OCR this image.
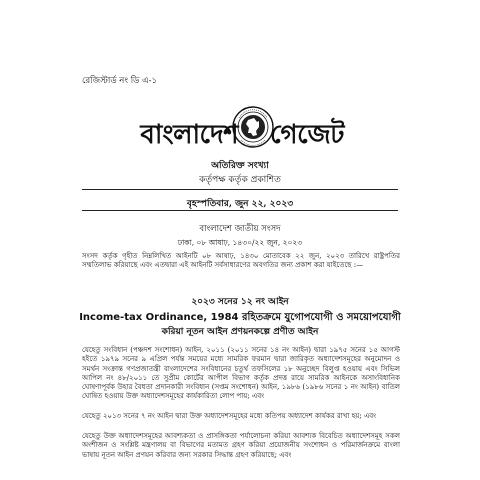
রেজিস্টার্ড নং ডি এ-১
বাংলাদেশ গেজেট
অতিরিক্ত সংখ্যা
কর্তৃপক্ষ কর্তৃক প্রকাশিত
বৃহস্পতিবার, জুন ২২, ২০২৩
বাংলাদেশ জাতীয় সংসদ
ঢাকা, ০৮ আষাঢ়, ১৪৩০/২২ জুন, ২০২৩
সংসদ কর্তৃক গৃহীত নিম্নলিখিত আইনটি ০৮ আষাঢ়, ১৪৩০ মোতাবেক ২২ জুন, ২০২৩ তারিখে রাষ্ট্রপতির সম্মতিলাভ করিয়াছে এবং এতদ্বারা এই আইনটি সর্বসাধারণের অবগতির জন্য প্রকাশ করা যাইতেছে :—
২০২৩ সনের ১২ নং আইন
Income-tax Ordinance, 1984 রহিতক্রমে যুগোপযোগী ও সময়োপযোগী
করিয়া নূতন আইন প্রণয়নকল্পে প্রণীত আইন
যেহেতু সংবিধান (পঞ্চদশ সংশোধন) আইন, ২০১১ (২০১১ সনের ১৪ নং আইন) দ্বারা ১৯৭৫ সনের ১৫ আগস্ট হইতে ১৯৭৯ সনের ৯ এপ্রিল পর্যন্ত সময়ের মধ্যে সামরিক ফরমান দ্বারা জারিকৃত অধ্যাদেশসমূহের অনুমোদন ও সমর্থন সংক্রান্ত গণপ্রজাতন্ত্রী বাংলাদেশের সংবিধানের চতুর্থ তফসিলের ১৮ অনুচ্ছেদ বিলুপ্ত হওয়ায় এবং সিভিল আপিল নং ৪৮/২০১১ তে সুপ্রীম কোর্টের আপীল বিভাগ কর্তৃক প্রদত্ত রায়ে সামরিক আইনকে অসাংবিধানিক ঘোষণাপূর্বক উহার বৈধতা প্রদানকারী সংবিধান (সপ্তম সংশোধন) আইন, ১৯৮৬ (১৯৮৬ সনের ১ নং আইন) বাতিল ঘোষিত হওয়ায় উক্ত অধ্যাদেশসমূহের কার্যকারিতা লোপ পায়; এবং
যেহেতু ২০১৩ সনের ৭ নং আইন দ্বারা উক্ত অধ্যাদেশসমূহের মধ্যে কতিপয় অধ্যাদেশ কার্যকর রাখা হয়; এবং
যেহেতু উক্ত অধ্যাদেশসমূহের আবশ্যকতা ও প্রাসঙ্গিকতা পর্যালোচনা করিয়া আবশ্যক বিবেচিত অধ্যাদেশসমূহ সকল অংশীজন ও সংশ্লিষ্ট মন্ত্রণালয় বা বিভাগের মতামত গ্রহণ করিয়া প্রয়োজনীয় সংশোধন ও পরিমার্জনক্রমে বাংলা ভাষায় নূতন আইন প্রণয়ন করিবার জন্য সরকার সিদ্ধান্ত গ্রহণ করিয়াছে; এবং
